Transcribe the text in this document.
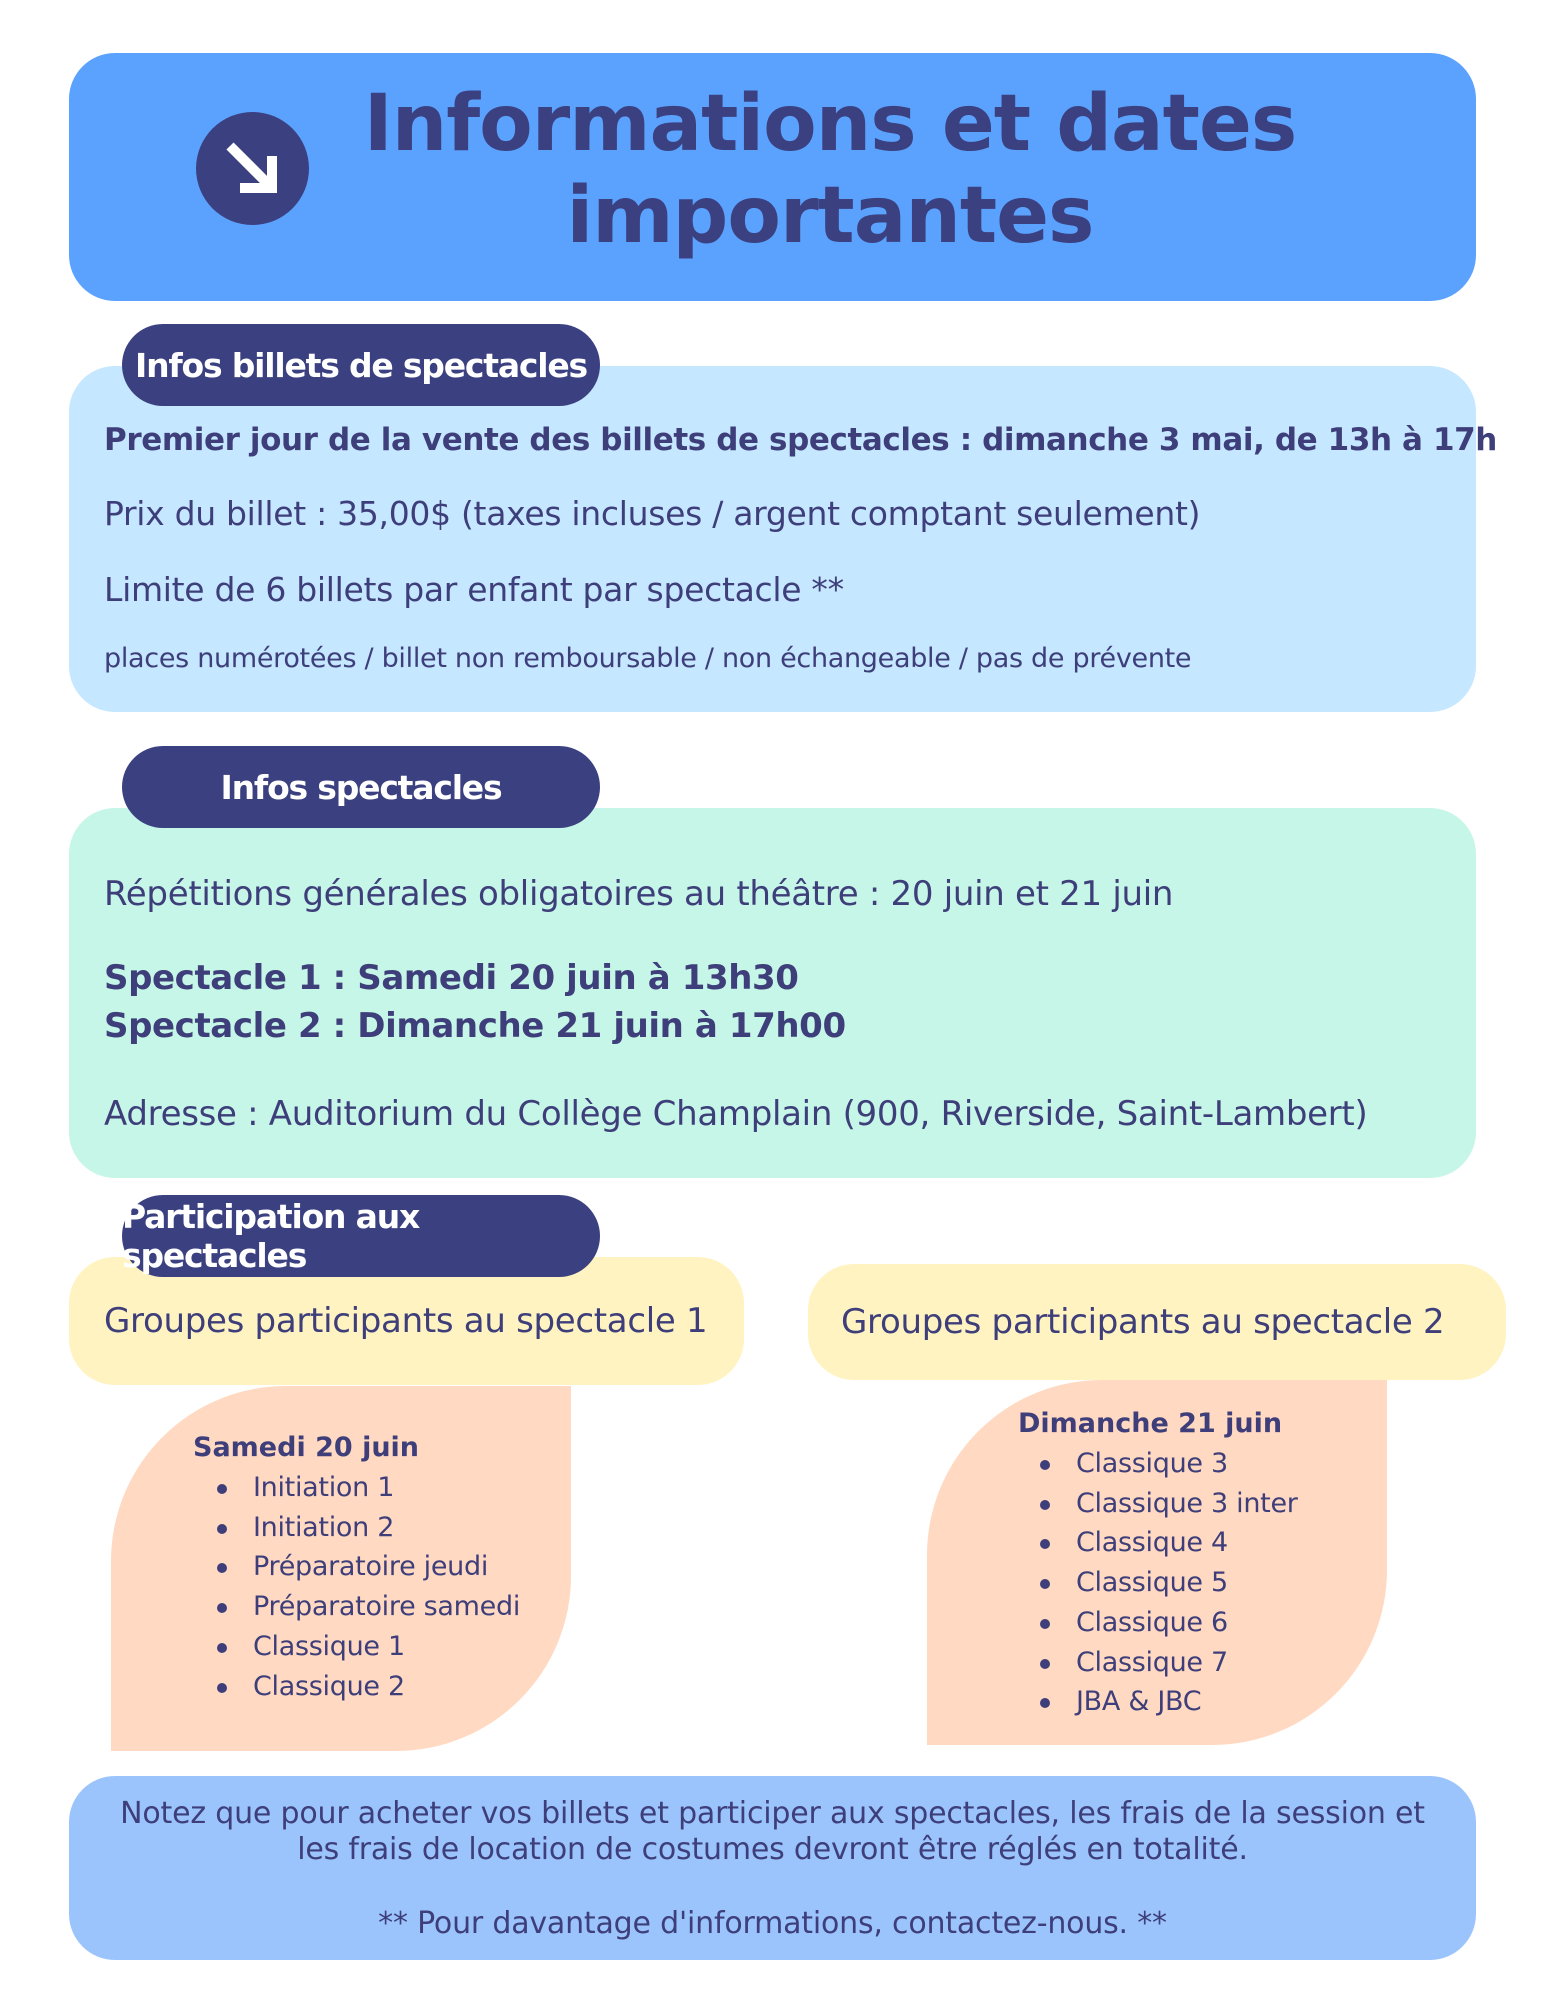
Informations et dates
importantes
Infos billets de spectacles
Premier jour de la vente des billets de spectacles : dimanche 3 mai, de 13h à 17h
Prix du billet : 35,00$ (taxes incluses / argent comptant seulement)
Limite de 6 billets par enfant par spectacle **
places numérotées / billet non remboursable / non échangeable / pas de prévente
Infos spectacles
Répétitions générales obligatoires au théâtre : 20 juin et 21 juin
Spectacle 1 : Samedi 20 juin à 13h30
Spectacle 2 : Dimanche 21 juin à 17h00
Adresse : Auditorium du Collège Champlain (900, Riverside, Saint-Lambert)
Groupes participants au spectacle 1
Participation aux spectacles
Groupes participants au spectacle 2
Samedi 20 juin
Initiation 1
Initiation 2
Préparatoire jeudi
Préparatoire samedi
Classique 1
Classique 2
Dimanche 21 juin
Classique 3
Classique 3 inter
Classique 4
Classique 5
Classique 6
Classique 7
JBA & JBC
Notez que pour acheter vos billets et participer aux spectacles, les frais de la session et
les frais de location de costumes devront être réglés en totalité.
** Pour davantage d'informations, contactez-nous. **
